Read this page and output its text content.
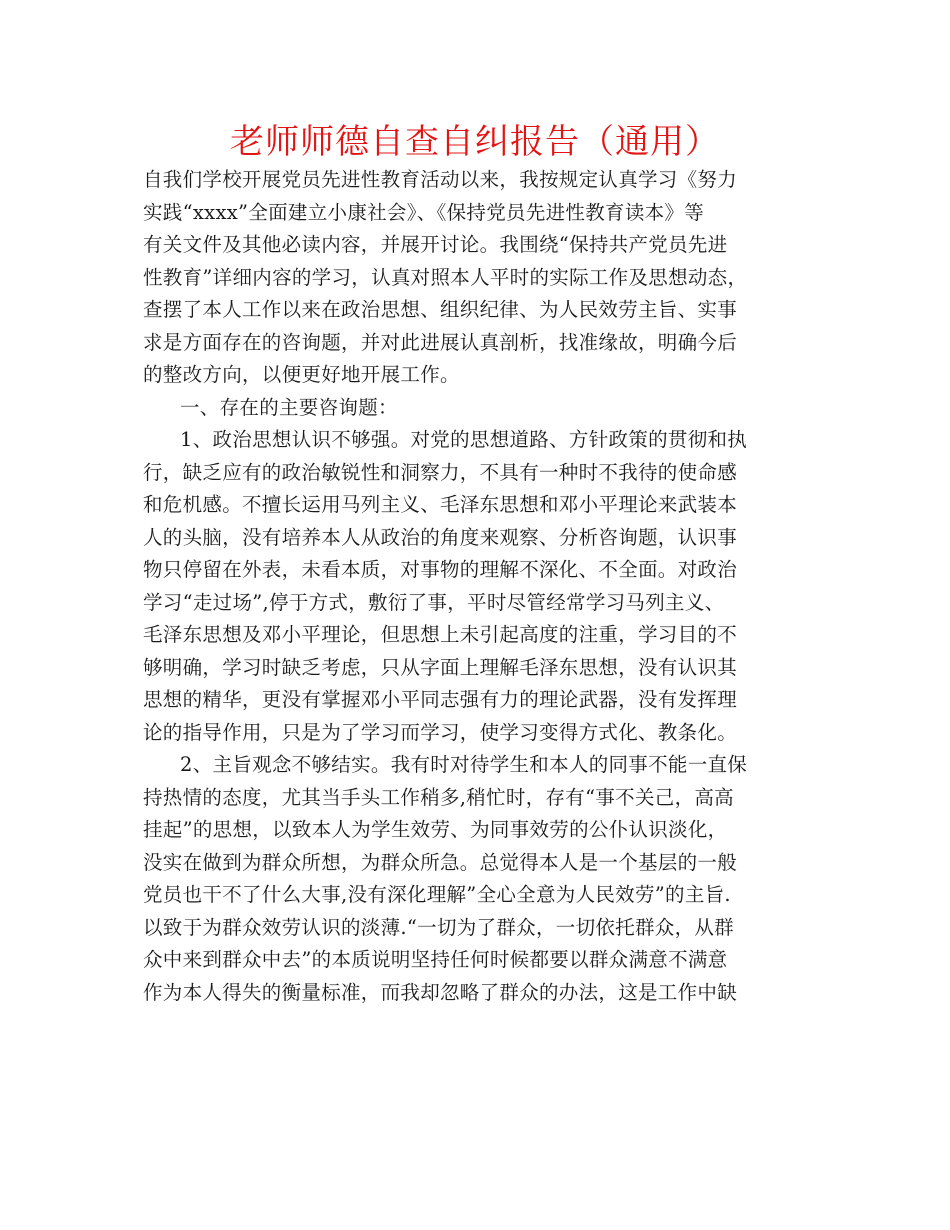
老师师德自查自纠报告（通用）
自我们学校开展党员先进性教育活动以来，我按规定认真学习《努力
实践“xxxx”全面建立小康社会》、《保持党员先进性教育读本》等
有关文件及其他必读内容，并展开讨论。我围绕“保持共产党员先进
性教育”详细内容的学习，认真对照本人平时的实际工作及思想动态，
查摆了本人工作以来在政治思想、组织纪律、为人民效劳主旨、实事
求是方面存在的咨询题，并对此进展认真剖析，找准缘故，明确今后
的整改方向，以便更好地开展工作。
一、存在的主要咨询题：
1、政治思想认识不够强。对党的思想道路、方针政策的贯彻和执
行，缺乏应有的政治敏锐性和洞察力，不具有一种时不我待的使命感
和危机感。不擅长运用马列主义、毛泽东思想和邓小平理论来武装本
人的头脑，没有培养本人从政治的角度来观察、分析咨询题，认识事
物只停留在外表，未看本质，对事物的理解不深化、不全面。对政治
学习“走过场”,停于方式，敷衍了事，平时尽管经常学习马列主义、
毛泽东思想及邓小平理论，但思想上未引起高度的注重，学习目的不
够明确，学习时缺乏考虑，只从字面上理解毛泽东思想，没有认识其
思想的精华，更没有掌握邓小平同志强有力的理论武器，没有发挥理
论的指导作用，只是为了学习而学习，使学习变得方式化、教条化。
2、主旨观念不够结实。我有时对待学生和本人的同事不能一直保
持热情的态度，尤其当手头工作稍多,稍忙时，存有“事不关己，高高
挂起”的思想，以致本人为学生效劳、为同事效劳的公仆认识淡化，
没实在做到为群众所想，为群众所急。总觉得本人是一个基层的一般
党员也干不了什么大事,没有深化理解”全心全意为人民效劳”的主旨.
以致于为群众效劳认识的淡薄.“一切为了群众，一切依托群众，从群
众中来到群众中去”的本质说明坚持任何时候都要以群众满意不满意
作为本人得失的衡量标准，而我却忽略了群众的办法，这是工作中缺
